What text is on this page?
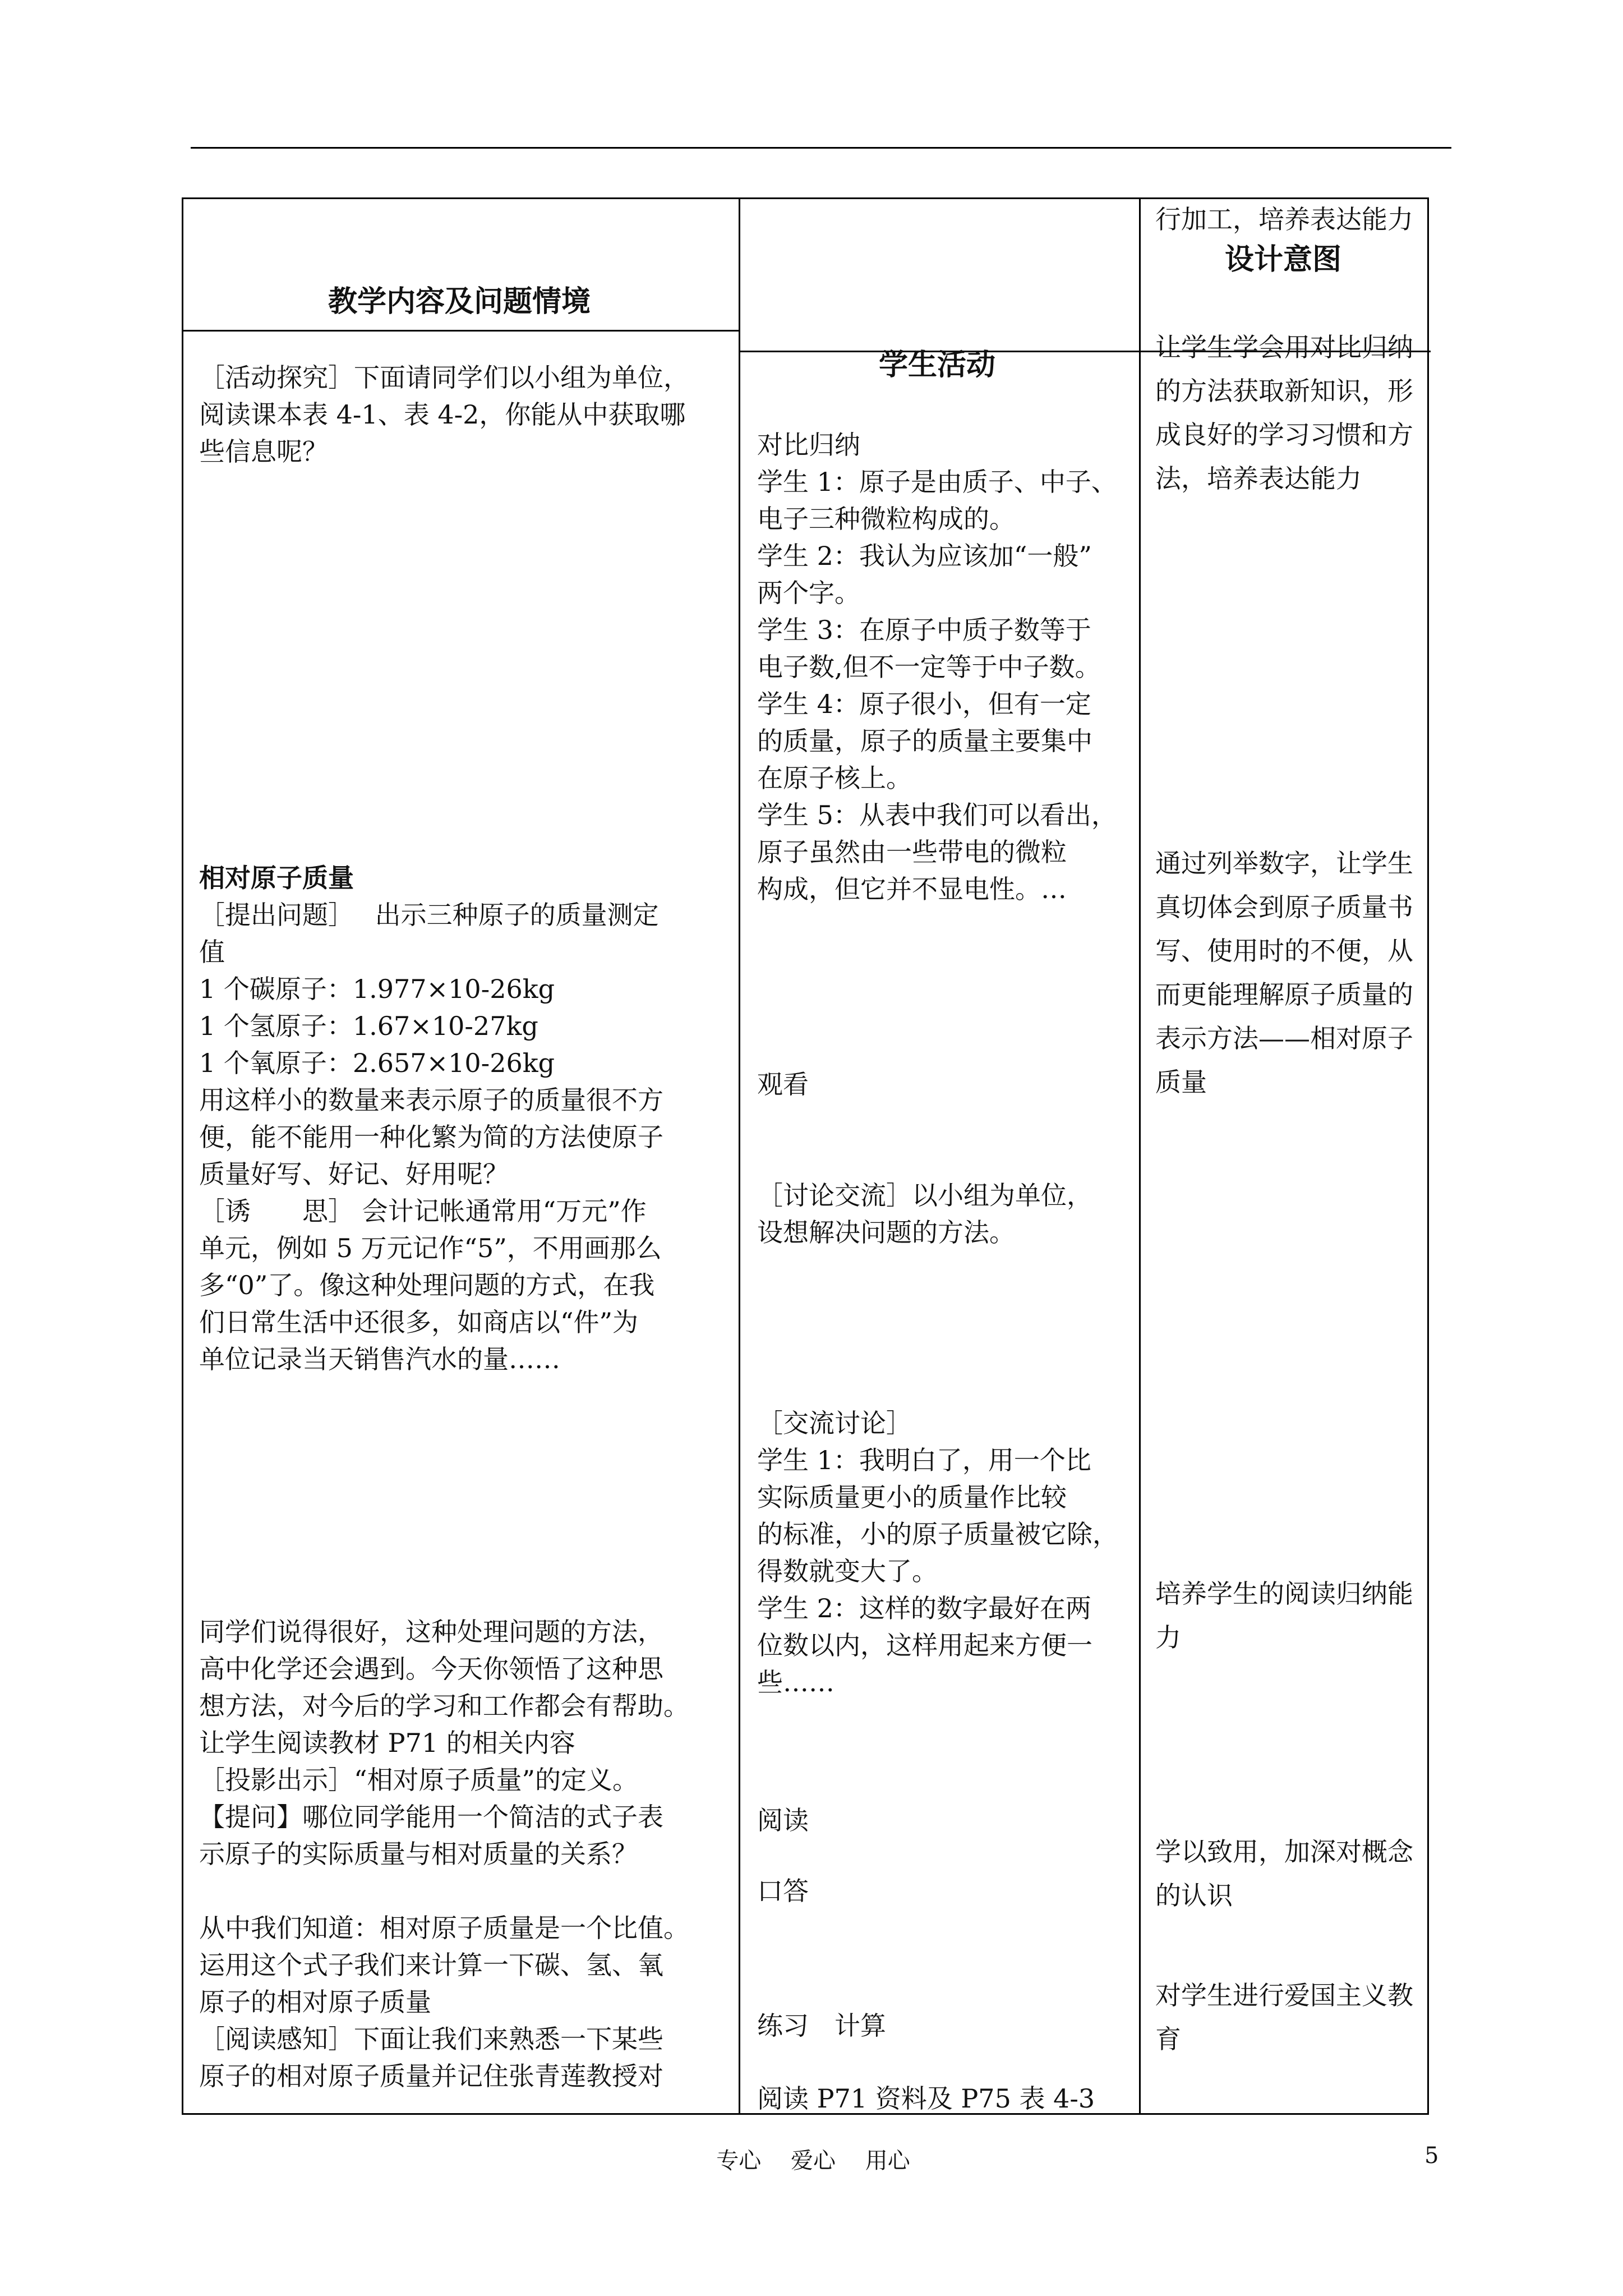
教学内容及问题情境
学生活动
设计意图
行加工，培养表达能力
［活动探究］下面请同学们以小组为单位，
阅读课本表 4-1、表 4-2，你能从中获取哪
些信息呢？
相对原子质量
［提出问题］　 出示三种原子的质量测定
值
1 个碳原子：1.977×10-26kg
1 个氢原子：1.67×10-27kg
1 个氧原子：2.657×10-26kg
用这样小的数量来表示原子的质量很不方
便，能不能用一种化繁为简的方法使原子
质量好写、好记、好用呢？
［诱　　思］ 会计记帐通常用“万元”作
单元，例如 5 万元记作“5”，不用画那么
多“0”了。像这种处理问题的方式，在我
们日常生活中还很多，如商店以“件”为
单位记录当天销售汽水的量……
同学们说得很好，这种处理问题的方法，
高中化学还会遇到。今天你领悟了这种思
想方法，对今后的学习和工作都会有帮助。
让学生阅读教材 P71 的相关内容
［投影出示］“相对原子质量”的定义。
【提问】哪位同学能用一个简洁的式子表
示原子的实际质量与相对质量的关系？
从中我们知道：相对原子质量是一个比值。
运用这个式子我们来计算一下碳、氢、氧
原子的相对原子质量
［阅读感知］下面让我们来熟悉一下某些
原子的相对原子质量并记住张青莲教授对
对比归纳
学生 1：原子是由质子、中子、
电子三种微粒构成的。
学生 2：我认为应该加“一般”
两个字。
学生 3：在原子中质子数等于
电子数,但不一定等于中子数。
学生 4：原子很小，但有一定
的质量，原子的质量主要集中
在原子核上。
学生 5：从表中我们可以看出，
原子虽然由一些带电的微粒
构成，但它并不显电性。…
观看
［讨论交流］以小组为单位，
设想解决问题的方法。
［交流讨论］
学生 1：我明白了，用一个比
实际质量更小的质量作比较
的标准，小的原子质量被它除，
得数就变大了。
学生 2：这样的数字最好在两
位数以内，这样用起来方便一
些……
阅读
口答
练习　计算
阅读 P71 资料及 P75 表 4-3
让学生学会用对比归纳
的方法获取新知识，形
成良好的学习习惯和方
法，培养表达能力
通过列举数字，让学生
真切体会到原子质量书
写、使用时的不便，从
而更能理解原子质量的
表示方法——相对原子
质量
培养学生的阅读归纳能
力
学以致用，加深对概念
的认识
对学生进行爱国主义教
育
专心　 爱心　 用心	5
